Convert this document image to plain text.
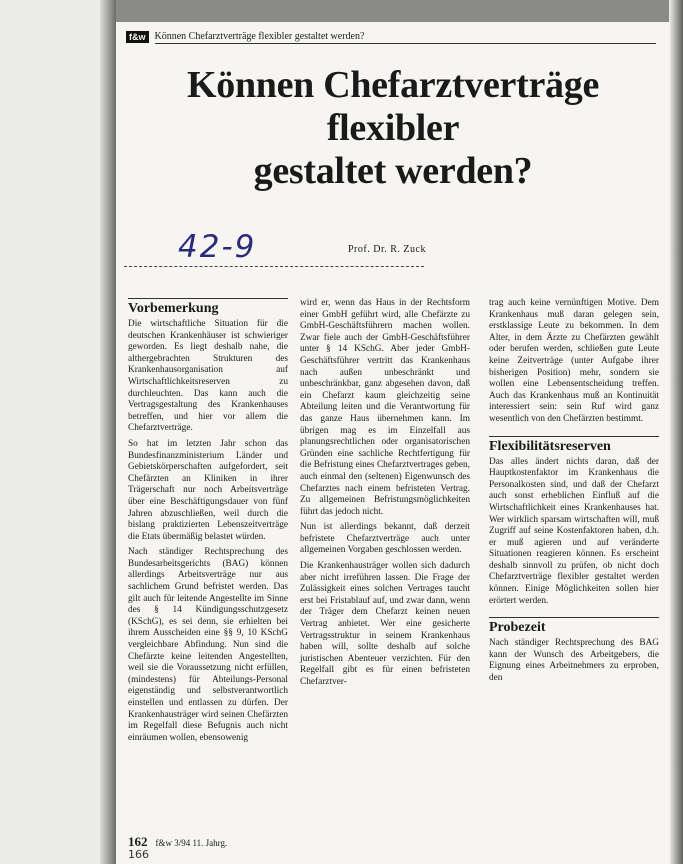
f&w Können Chefarztverträge flexibler gestaltet werden?
Können Chefarztverträge
flexibler
gestaltet werden?
42-9	Prof. Dr. R. Zuck
Vorbemerkung

Die wirtschaftliche Situation für die deutschen Krankenhäuser ist schwieriger geworden. Es liegt deshalb nahe, die althergebrachten Strukturen des Krankenhausorganisation auf Wirtschaftlichkeitsreserven zu durchleuchten. Das kann auch die Vertragsgestaltung des Krankenhauses betreffen, und hier vor allem die Chefarztverträge.

So hat im letzten Jahr schon das Bundesfinanzministerium Länder und Gebietskörperschaften aufgefordert, seit Chefärzten an Kliniken in ihrer Trägerschaft nur noch Arbeitsverträge über eine Beschäftigungsdauer von fünf Jahren abzuschließen, weil durch die bislang praktizierten Lebenszeitverträge die Etats übermäßig belastet würden.

Nach ständiger Rechtsprechung des Bundesarbeitsgerichts (BAG) können allerdings Arbeitsverträge nur aus sachlichem Grund befristet werden. Das gilt auch für leitende Angestellte im Sinne des § 14 Kündigungsschutzgesetz (KSchG), es sei denn, sie erhielten bei ihrem Ausscheiden eine §§ 9, 10 KSchG vergleichbare Abfindung. Nun sind die Chefärzte keine leitenden Angestellten, weil sie die Voraussetzung nicht erfüllen, (mindestens) für Abteilungs-Personal eigenständig und selbstverantwortlich einstellen und entlassen zu dürfen. Der Krankenhausträger wird seinen Chefärzten im Regelfall diese Befugnis auch nicht einräumen wollen, ebensowenig

wird er, wenn das Haus in der Rechtsform einer GmbH geführt wird, alle Chefärzte zu GmbH-Geschäftsführern machen wollen. Zwar fiele auch der GmbH-Geschäftsführer unter § 14 KSchG. Aber jeder GmbH-Geschäftsführer vertritt das Krankenhaus nach außen unbeschränkt und unbeschränkbar, ganz abgesehen davon, daß ein Chefarzt kaum gleichzeitig seine Abteilung leiten und die Verantwortung für das ganze Haus übernehmen kann. Im übrigen mag es im Einzelfall aus planungsrechtlichen oder organisatorischen Gründen eine sachliche Rechtfertigung für die Befristung eines Chefarztvertrages geben, auch einmal den (seltenen) Eigenwunsch des Chefarztes nach einem befristeten Vertrag. Zu allgemeinen Befristungsmöglichkeiten führt das jedoch nicht.

Nun ist allerdings bekannt, daß derzeit befristete Chefarztverträge auch unter allgemeinen Vorgaben geschlossen werden.

Die Krankenhausträger wollen sich dadurch aber nicht irreführen lassen. Die Frage der Zulässigkeit eines solchen Vertrages taucht erst bei Fristablauf auf, und zwar dann, wenn der Träger dem Chefarzt keinen neuen Vertrag anbietet. Wer eine gesicherte Vertragsstruktur in seinem Krankenhaus haben will, sollte deshalb auf solche juristischen Abenteuer verzichten. Für den Regelfall gibt es für einen befristeten Chefarztver-

trag auch keine vernünftigen Motive. Dem Krankenhaus muß daran gelegen sein, erstklassige Leute zu bekommen. In dem Alter, in dem Ärzte zu Chefärzten gewählt oder berufen werden, schließen gute Leute keine Zeitverträge (unter Aufgabe ihrer bisherigen Position) mehr, sondern sie wollen eine Lebensentscheidung treffen. Auch das Krankenhaus muß an Kontinuität interessiert sein: sein Ruf wird ganz wesentlich von den Chefärzten bestimmt.

Flexibilitätsreserven

Das alles ändert nichts daran, daß der Hauptkostenfaktor im Krankenhaus die Personalkosten sind, und daß der Chefarzt auch sonst erheblichen Einfluß auf die Wirtschaftlichkeit eines Krankenhauses hat. Wer wirklich sparsam wirtschaften will, muß Zugriff auf seine Kostenfaktoren haben, d.h. er muß agieren und auf veränderte Situationen reagieren können. Es erscheint deshalb sinnvoll zu prüfen, ob nicht doch Chefarztverträge flexibler gestaltet werden können. Einige Möglichkeiten sollen hier erörtert werden.

Probezeit

Nach ständiger Rechtsprechung des BAG kann der Wunsch des Arbeitgebers, die Eignung eines Arbeitnehmers zu erproben, den

162 f&w 3/94 11. Jahrg.
166
